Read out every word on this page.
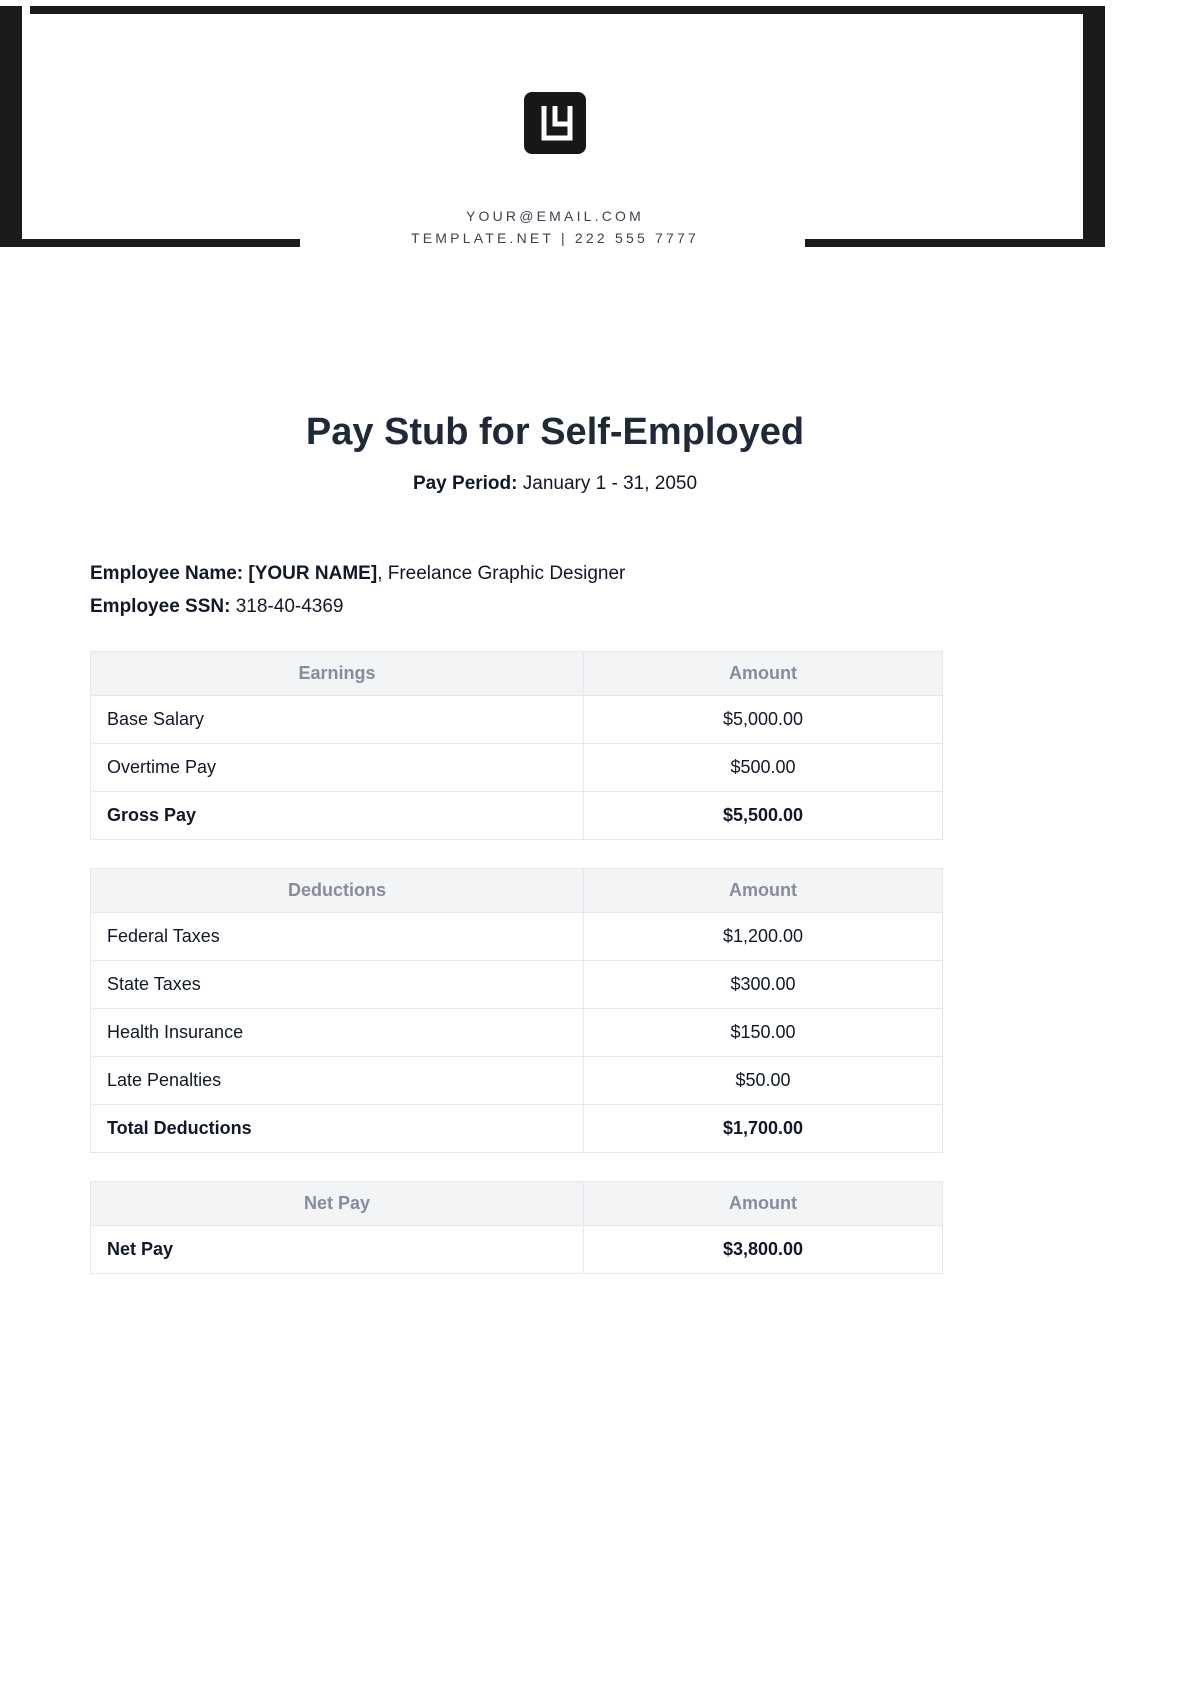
YOUR@EMAIL.COM
TEMPLATE.NET | 222 555 7777
Pay Stub for Self-Employed
Pay Period: January 1 - 31, 2050
Employee Name: [YOUR NAME], Freelance Graphic Designer
Employee SSN: 318-40-4369
Earnings	Amount
Base Salary	$5,000.00
Overtime Pay	$500.00
Gross Pay	$5,500.00
Deductions	Amount
Federal Taxes	$1,200.00
State Taxes	$300.00
Health Insurance	$150.00
Late Penalties	$50.00
Total Deductions	$1,700.00
Net Pay	Amount
Net Pay	$3,800.00
